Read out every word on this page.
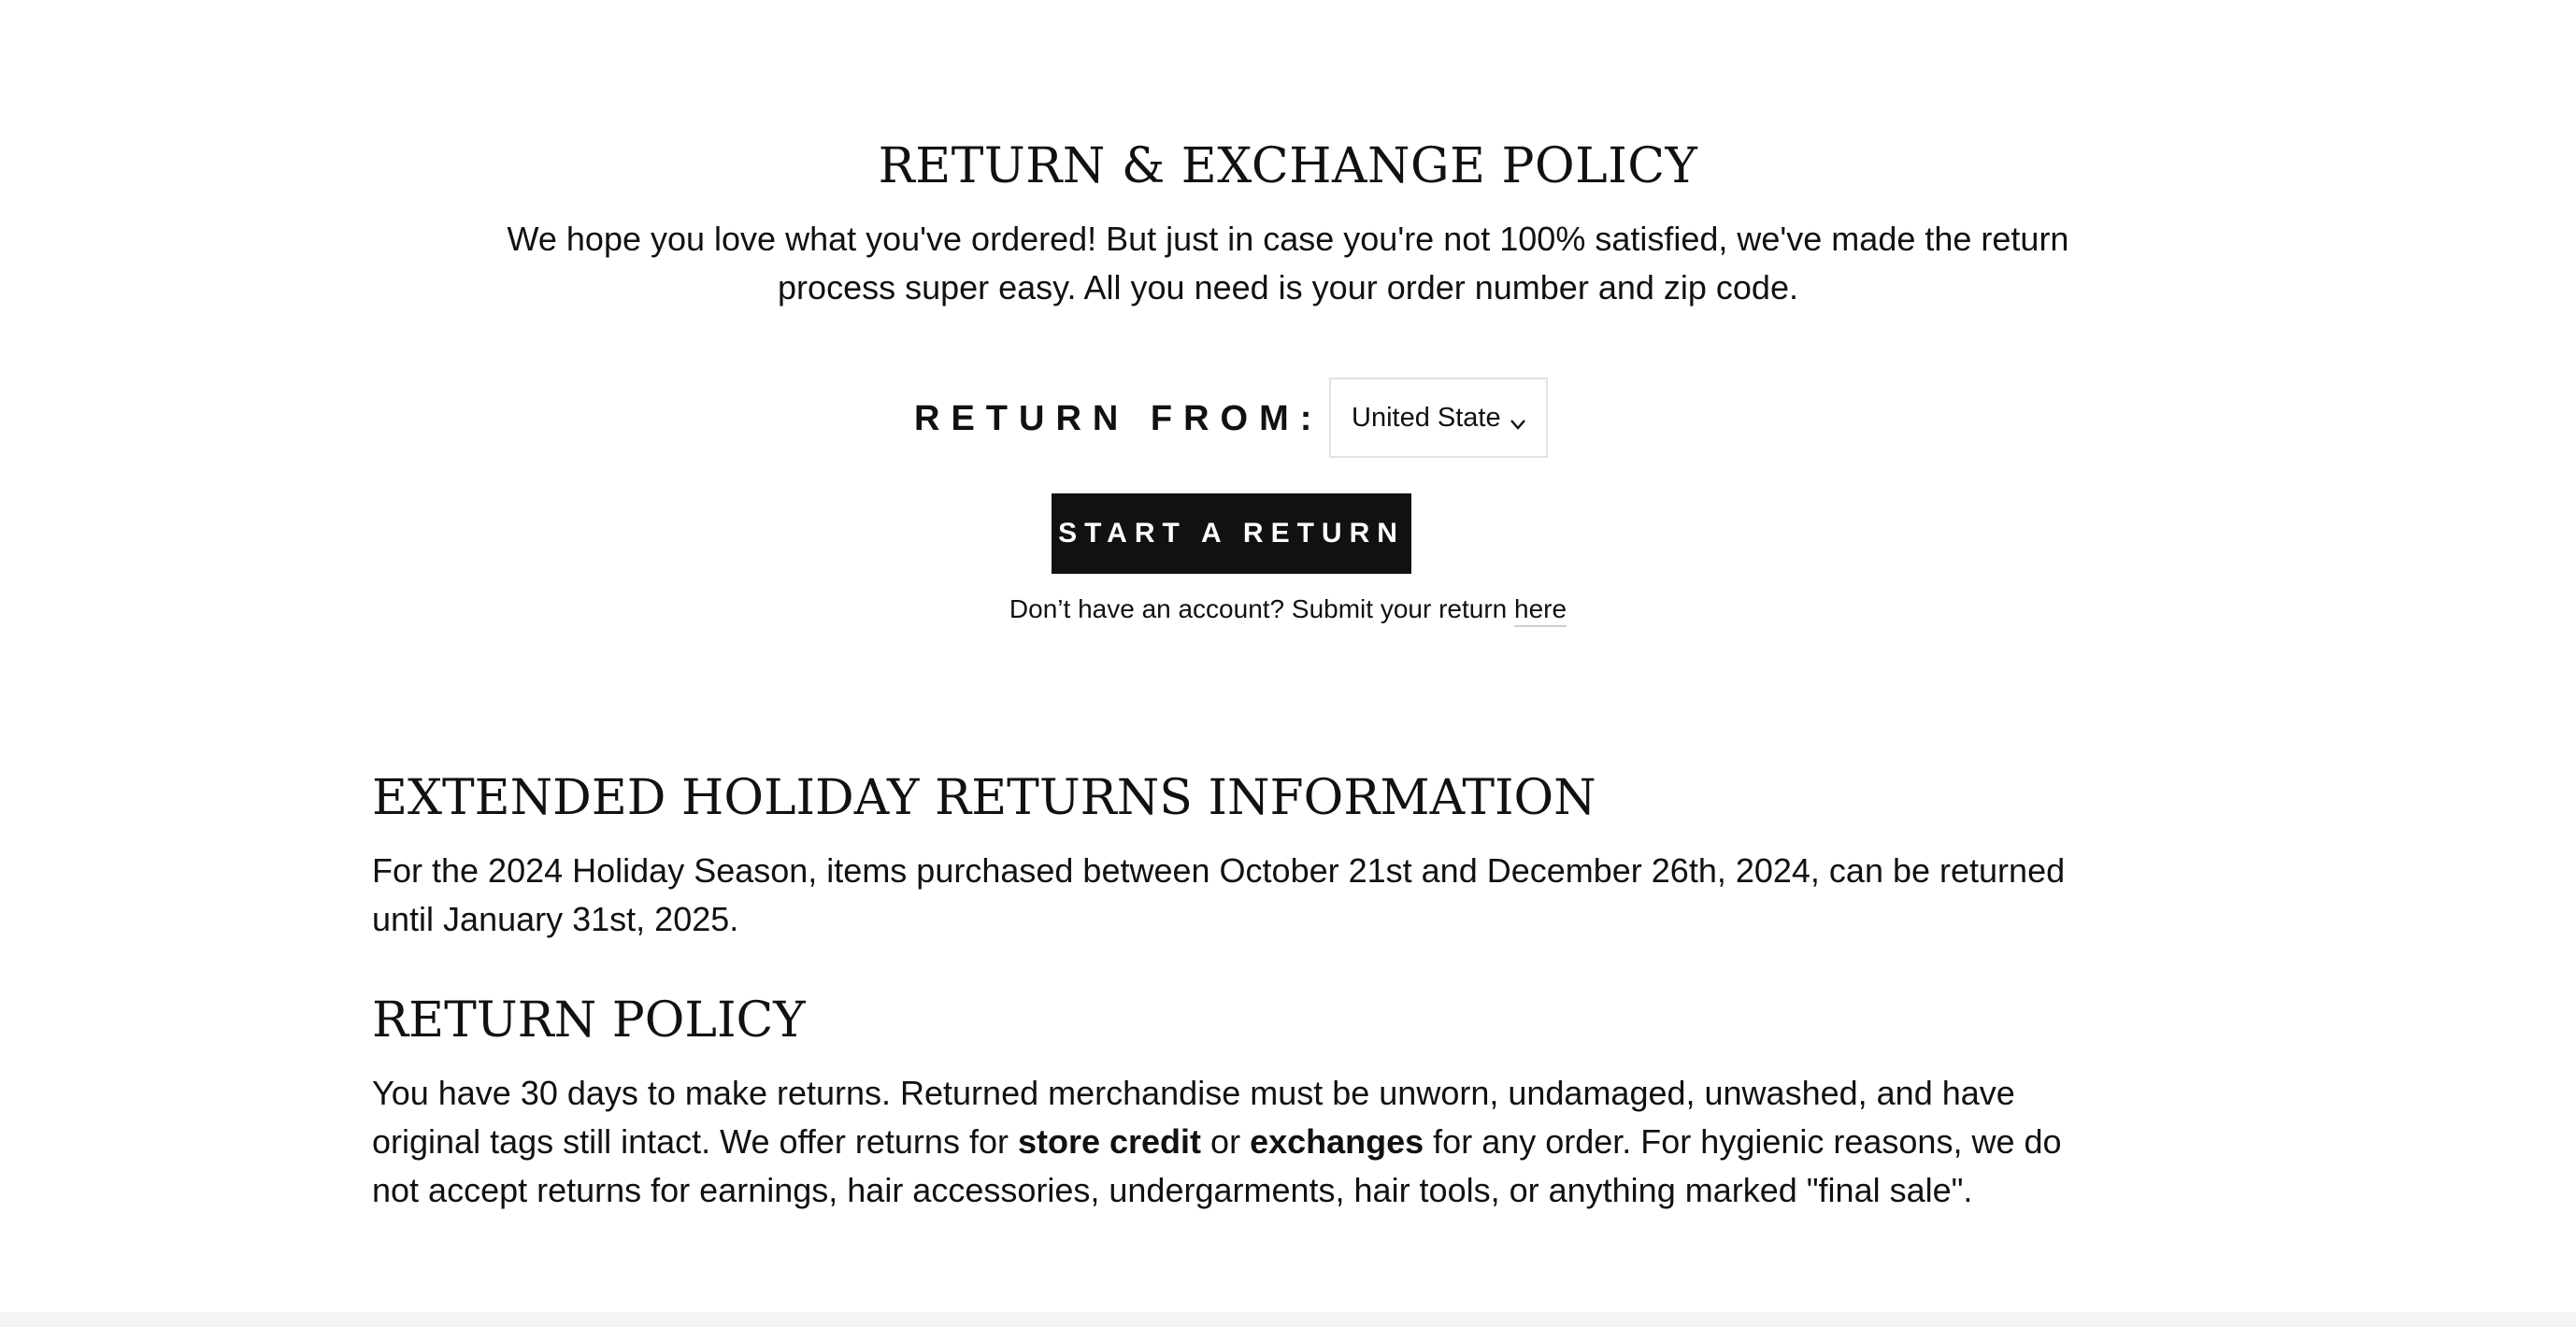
RETURN & EXCHANGE POLICY

We hope you love what you've ordered! But just in case you're not 100% satisfied, we've made the return process super easy. All you need is your order number and zip code.

RETURN FROM: United State
START A RETURN
Don’t have an account? Submit your return here
EXTENDED HOLIDAY RETURNS INFORMATION

For the 2024 Holiday Season, items purchased between October 21st and December 26th, 2024, can be returned until January 31st, 2025.

RETURN POLICY

You have 30 days to make returns. Returned merchandise must be unworn, undamaged, unwashed, and have original tags still intact. We offer returns for store credit or exchanges for any order. For hygienic reasons, we do not accept returns for earnings, hair accessories, undergarments, hair tools, or anything marked "final sale".
